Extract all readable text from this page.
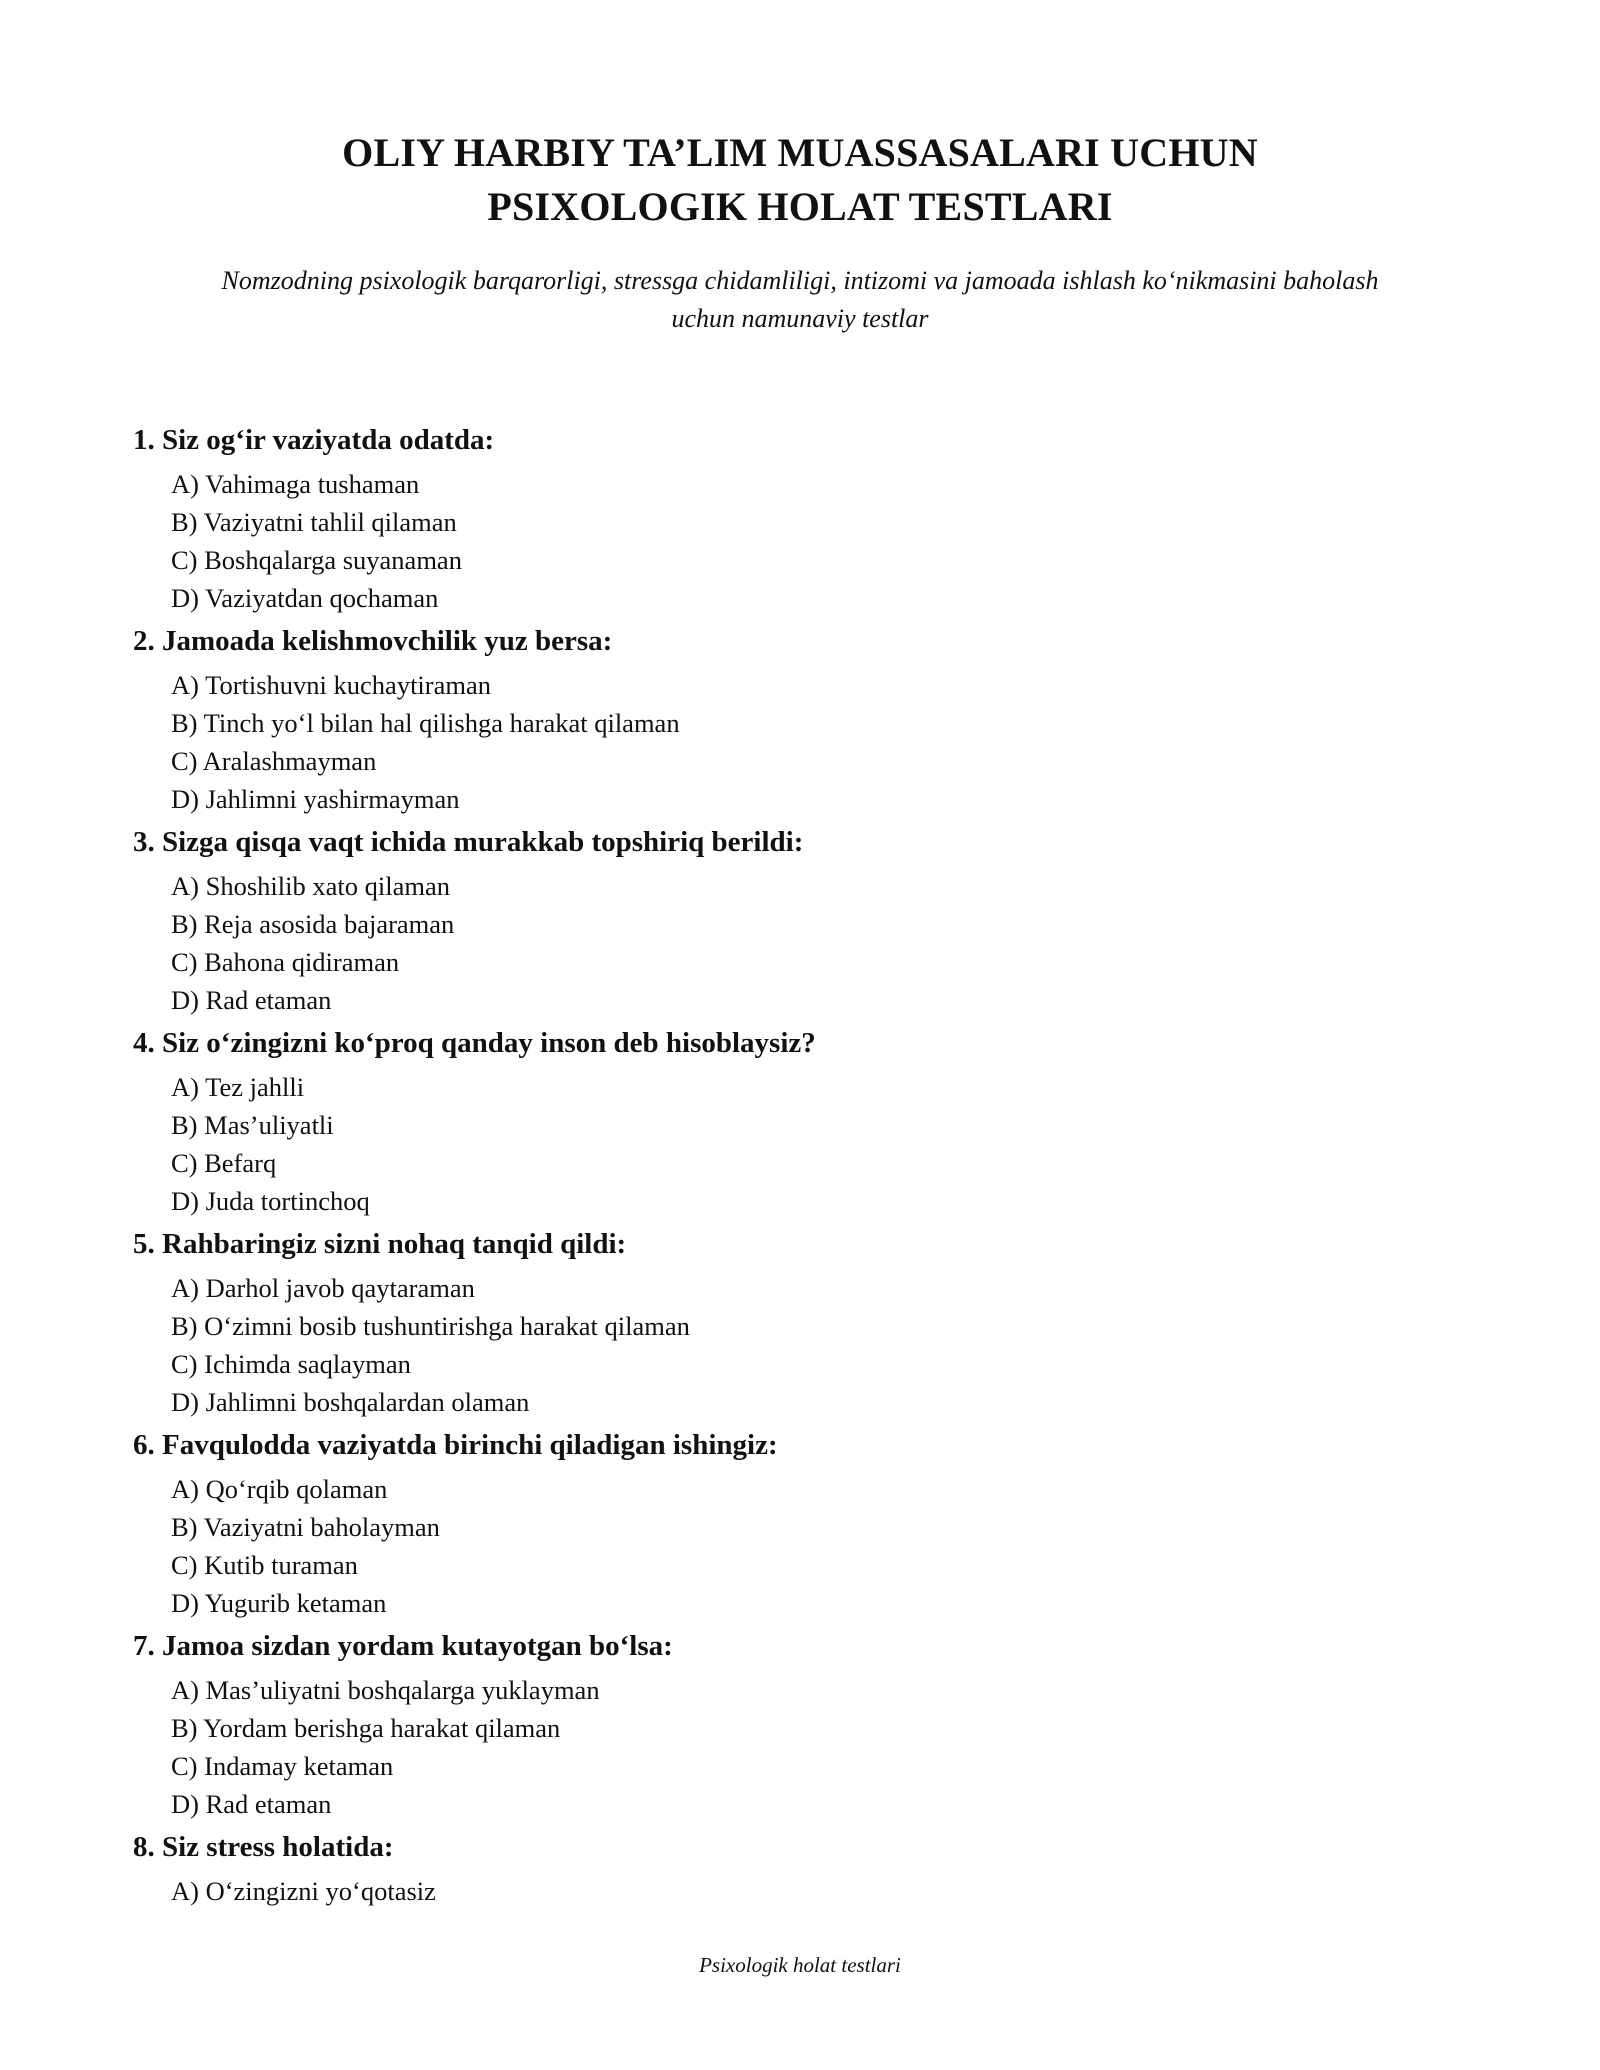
OLIY HARBIY TA’LIM MUASSASALARI UCHUN
PSIXOLOGIK HOLAT TESTLARI
Nomzodning psixologik barqarorligi, stressga chidamliligi, intizomi va jamoada ishlash ko‘nikmasini baholash
uchun namunaviy testlar
1. Siz og‘ir vaziyatda odatda:
A) Vahimaga tushaman
B) Vaziyatni tahlil qilaman
C) Boshqalarga suyanaman
D) Vaziyatdan qochaman
2. Jamoada kelishmovchilik yuz bersa:
A) Tortishuvni kuchaytiraman
B) Tinch yo‘l bilan hal qilishga harakat qilaman
C) Aralashmayman
D) Jahlimni yashirmayman
3. Sizga qisqa vaqt ichida murakkab topshiriq berildi:
A) Shoshilib xato qilaman
B) Reja asosida bajaraman
C) Bahona qidiraman
D) Rad etaman
4. Siz o‘zingizni ko‘proq qanday inson deb hisoblaysiz?
A) Tez jahlli
B) Mas’uliyatli
C) Befarq
D) Juda tortinchoq
5. Rahbaringiz sizni nohaq tanqid qildi:
A) Darhol javob qaytaraman
B) O‘zimni bosib tushuntirishga harakat qilaman
C) Ichimda saqlayman
D) Jahlimni boshqalardan olaman
6. Favqulodda vaziyatda birinchi qiladigan ishingiz:
A) Qo‘rqib qolaman
B) Vaziyatni baholayman
C) Kutib turaman
D) Yugurib ketaman
7. Jamoa sizdan yordam kutayotgan bo‘lsa:
A) Mas’uliyatni boshqalarga yuklayman
B) Yordam berishga harakat qilaman
C) Indamay ketaman
D) Rad etaman
8. Siz stress holatida:
A) O‘zingizni yo‘qotasiz
Psixologik holat testlari
